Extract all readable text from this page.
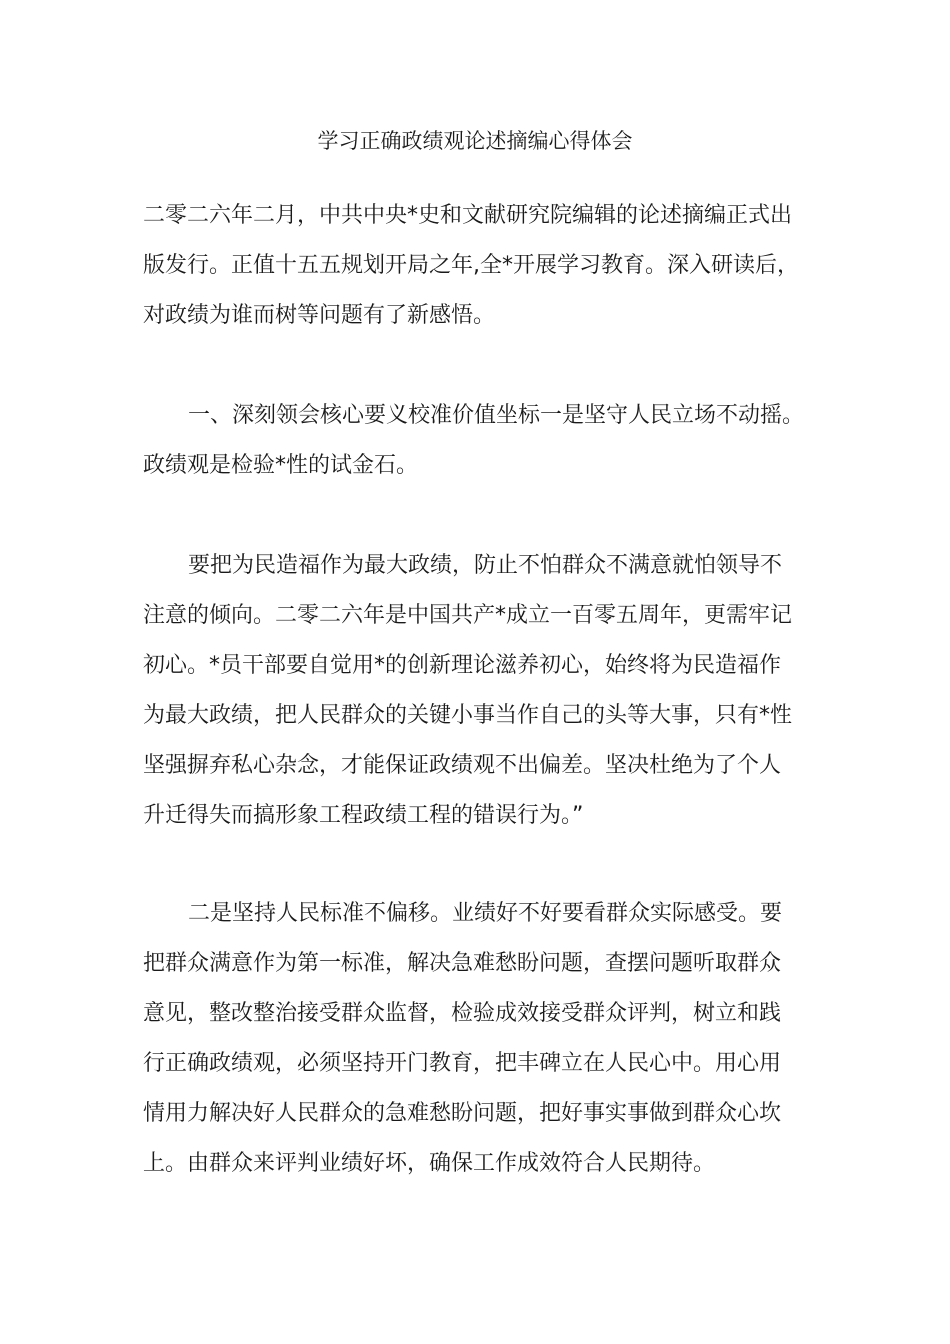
学习正确政绩观论述摘编心得体会
二零二六年二月，中共中央*史和文献研究院编辑的论述摘编正式出
版发行。正值十五五规划开局之年,全*开展学习教育。深入研读后，
对政绩为谁而树等问题有了新感悟。
一、深刻领会核心要义校准价值坐标一是坚守人民立场不动摇。
政绩观是检验*性的试金石。
要把为民造福作为最大政绩，防止不怕群众不满意就怕领导不
注意的倾向。二零二六年是中国共产*成立一百零五周年，更需牢记
初心。*员干部要自觉用*的创新理论滋养初心，始终将为民造福作
为最大政绩，把人民群众的关键小事当作自己的头等大事，只有*性
坚强摒弃私心杂念，才能保证政绩观不出偏差。坚决杜绝为了个人
升迁得失而搞形象工程政绩工程的错误行为。”
二是坚持人民标准不偏移。业绩好不好要看群众实际感受。要
把群众满意作为第一标准，解决急难愁盼问题，查摆问题听取群众
意见，整改整治接受群众监督，检验成效接受群众评判，树立和践
行正确政绩观，必须坚持开门教育，把丰碑立在人民心中。用心用
情用力解决好人民群众的急难愁盼问题，把好事实事做到群众心坎
上。由群众来评判业绩好坏，确保工作成效符合人民期待。
